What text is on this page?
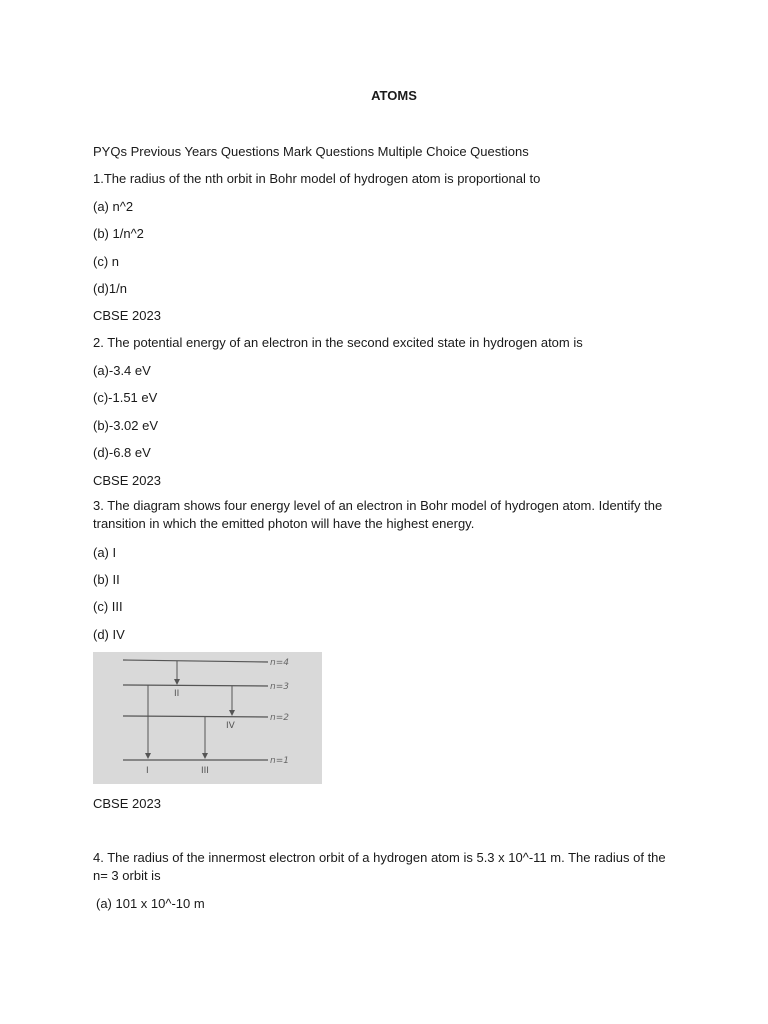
ATOMS
PYQs Previous Years Questions Mark Questions Multiple Choice Questions
1.The radius of the nth orbit in Bohr model of hydrogen atom is proportional to
(a) n^2
(b) 1/n^2
(c) n
(d)1/n
CBSE 2023
2. The potential energy of an electron in the second excited state in hydrogen atom is
(a)-3.4 eV
(c)-1.51 eV
(b)-3.02 eV
(d)-6.8 eV
CBSE 2023
3. The diagram shows four energy level of an electron in Bohr model of hydrogen atom. Identify the transition in which the emitted photon will have the highest energy.
(a) I
(b) II
(c) III
(d) IV
n=4
n=3
n=2
n=1
I
II
III
IV
CBSE 2023
4. The radius of the innermost electron orbit of a hydrogen atom is 5.3 x 10^-11 m. The radius of the n= 3 orbit is
(a) 101 x 10^-10 m
